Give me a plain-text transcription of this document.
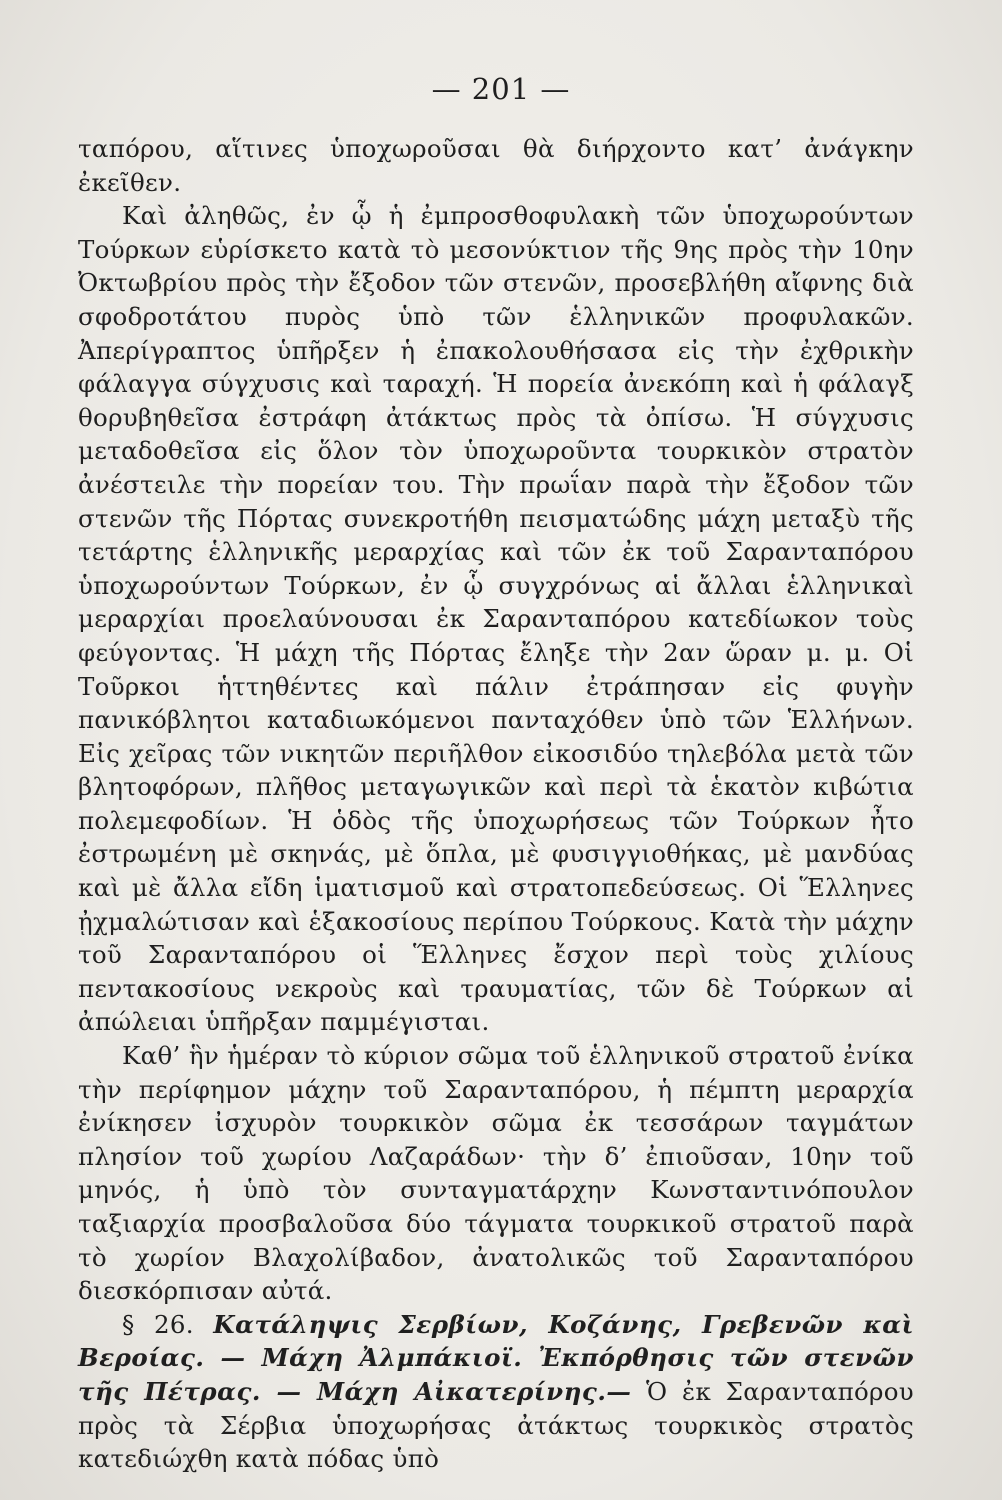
— 201 —

ταπόρου, αἵτινες ὑποχωροῦσαι θὰ διήρχοντο κατ’ ἀνάγκην ἐκεῖθεν.

Καὶ ἀληθῶς, ἐν ᾧ ἡ ἐμπροσθοφυλακὴ τῶν ὑποχωρούντων Τούρκων εὑρίσκετο κατὰ τὸ μεσονύκτιον τῆς 9ης πρὸς τὴν 10ην Ὀκτωβρίου πρὸς τὴν ἔξοδον τῶν στενῶν, προσεβλήθη αἴφνης διὰ σφοδροτάτου πυρὸς ὑπὸ τῶν ἑλληνικῶν προφυλακῶν. Ἀπερίγραπτος ὑπῆρξεν ἡ ἐπακολουθήσασα εἰς τὴν ἐχθρικὴν φάλαγγα σύγχυσις καὶ ταραχή. Ἡ πορεία ἀνεκόπη καὶ ἡ φάλαγξ θορυβηθεῖσα ἐστράφη ἀτάκτως πρὸς τὰ ὀπίσω. Ἡ σύγχυσις μεταδοθεῖσα εἰς ὅλον τὸν ὑποχωροῦντα τουρκικὸν στρατὸν ἀνέστειλε τὴν πορείαν του. Τὴν πρωΐαν παρὰ τὴν ἔξοδον τῶν στενῶν τῆς Πόρτας συνεκροτήθη πεισματώδης μάχη μεταξὺ τῆς τετάρτης ἑλληνικῆς μεραρχίας καὶ τῶν ἐκ τοῦ Σαρανταπόρου ὑποχωρούντων Τούρκων, ἐν ᾧ συγχρόνως αἱ ἄλλαι ἑλληνικαὶ μεραρχίαι προελαύνουσαι ἐκ Σαρανταπόρου κατεδίωκον τοὺς φεύγοντας. Ἡ μάχη τῆς Πόρτας ἔληξε τὴν 2αν ὥραν μ. μ. Οἱ Τοῦρκοι ἡττηθέντες καὶ πάλιν ἐτράπησαν εἰς φυγὴν πανικόβλητοι καταδιωκόμενοι πανταχόθεν ὑπὸ τῶν Ἑλλήνων. Εἰς χεῖρας τῶν νικητῶν περιῆλθον εἰκοσιδύο τηλεβόλα μετὰ τῶν βλητοφόρων, πλῆθος μεταγωγικῶν καὶ περὶ τὰ ἑκατὸν κιβώτια πολεμεφοδίων. Ἡ ὁδὸς τῆς ὑποχωρήσεως τῶν Τούρκων ἦτο ἐστρωμένη μὲ σκηνάς, μὲ ὅπλα, μὲ φυσιγγιοθήκας, μὲ μανδύας καὶ μὲ ἄλλα εἴδη ἱματισμοῦ καὶ στρατοπεδεύσεως. Οἱ Ἕλληνες ᾐχμαλώτισαν καὶ ἑξακοσίους περίπου Τούρκους. Κατὰ τὴν μάχην τοῦ Σαρανταπόρου οἱ Ἕλληνες ἔσχον περὶ τοὺς χιλίους πεντακοσίους νεκροὺς καὶ τραυματίας, τῶν δὲ Τούρκων αἱ ἀπώλειαι ὑπῆρξαν παμμέγισται.

Καθ’ ἣν ἡμέραν τὸ κύριον σῶμα τοῦ ἑλληνικοῦ στρατοῦ ἐνίκα τὴν περίφημον μάχην τοῦ Σαρανταπόρου, ἡ πέμπτη μεραρχία ἐνίκησεν ἰσχυρὸν τουρκικὸν σῶμα ἐκ τεσσάρων ταγμάτων πλησίον τοῦ χωρίου Λαζαράδων· τὴν δ’ ἐπιοῦσαν, 10ην τοῦ μηνός, ἡ ὑπὸ τὸν συνταγματάρχην Κωνσταντινόπουλον ταξιαρχία προσβαλοῦσα δύο τάγματα τουρκικοῦ στρατοῦ παρὰ τὸ χωρίον Βλαχολίβαδον, ἀνατολικῶς τοῦ Σαρανταπόρου διεσκόρπισαν αὐτά.

§ 26. Κατάληψις Σερβίων, Κοζάνης, Γρεβενῶν καὶ Βεροίας. — Μάχη Ἀλμπάκιοϊ. Ἐκπόρθησις τῶν στενῶν τῆς Πέτρας. — Μάχη Αἰκατερίνης.— Ὁ ἐκ Σαρανταπόρου πρὸς τὰ Σέρβια ὑποχωρήσας ἀτάκτως τουρκικὸς στρατὸς κατεδιώχθη κατὰ πόδας ὑπὸ
